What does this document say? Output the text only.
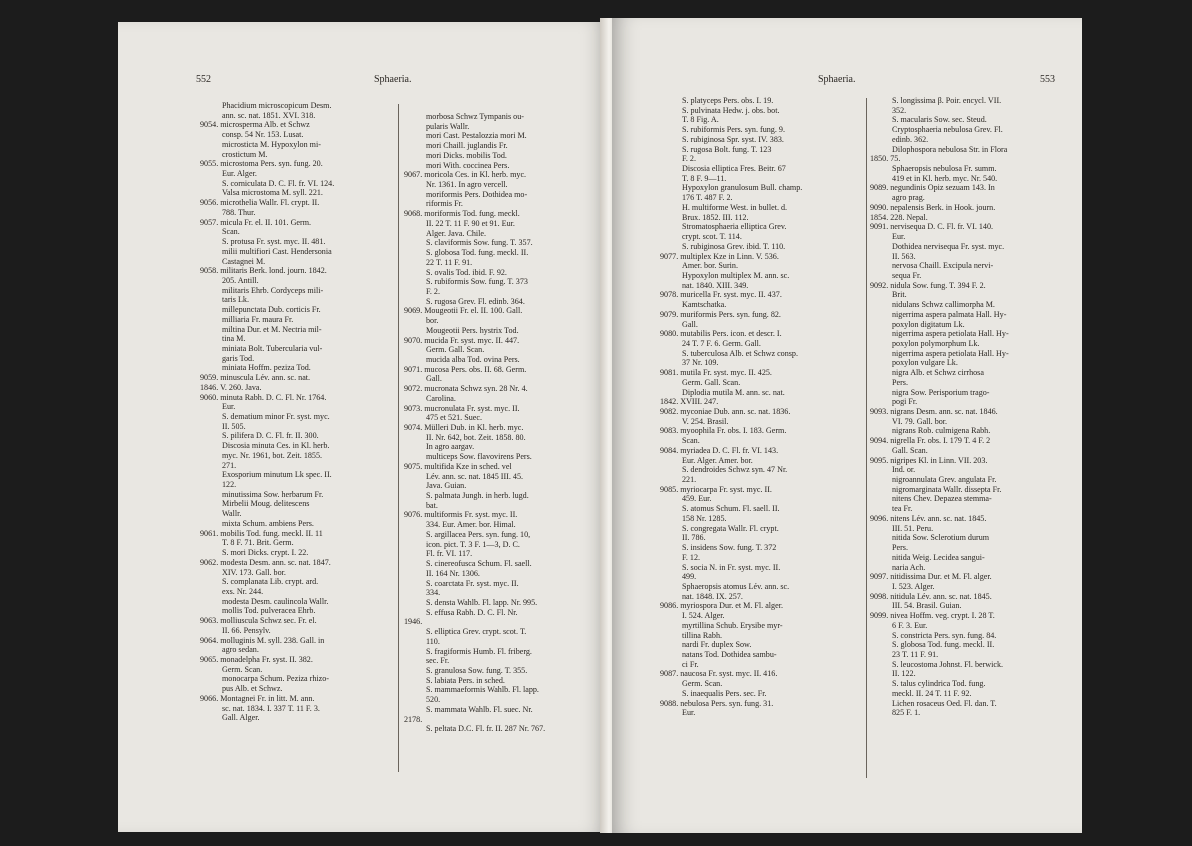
552	Sphaeria.
Phacidium microscopicum Desm.
ann. sc. nat. 1851. XVI. 318.
9054. microsperma Alb. et Schwz
consp. 54 Nr. 153. Lusat.
microsticta M. Hypoxylon mi-
crostictum M.
9055. microstoma Pers. syn. fung. 20.
Eur. Alger.
S. corniculata D. C. Fl. fr. VI. 124.
Valsa microstoma M. syll. 221.
9056. microthelia Wallr. Fl. crypt. II.
788. Thur.
9057. micula Fr. el. II. 101. Germ.
Scan.
S. protusa Fr. syst. myc. II. 481.
milii multifiori Cast. Hendersonia
Castagnei M.
9058. militaris Berk. lond. journ. 1842.
205. Antill.
militaris Ehrb. Cordyceps mili-
taris Lk.
millepunctata Dub. corticis Fr.
milliaria Fr. maura Fr.
miltina Dur. et M. Nectria mil-
tina M.
miniata Bolt. Tubercularia vul-
garis Tod.
miniata Hoffm. peziza Tod.
9059. minuscula Lév. ann. sc. nat.
1846. V. 260. Java.
9060. minuta Rabh. D. C. Fl. Nr. 1764.
Eur.
S. dematium minor Fr. syst. myc.
II. 505.
S. pilifera D. C. Fl. fr. II. 300.
Discosia minuta Ces. in Kl. herb.
myc. Nr. 1961, bot. Zeit. 1855.
271.
Exosporium minutum Lk spec. II.
122.
minutissima Sow. herbarum Fr.
Mirbelii Moug. delitescens
Wallr.
mixta Schum. ambiens Pers.
9061. mobilis Tod. fung. meckl. II. 11
T. 8 F. 71. Brit. Germ.
S. mori Dicks. crypt. I. 22.
9062. modesta Desm. ann. sc. nat. 1847.
XIV. 173. Gall. bor.
S. complanata Lib. crypt. ard.
exs. Nr. 244.
modesta Desm. caulincola Wallr.
mollis Tod. pulveracea Ehrb.
9063. molliuscula Schwz sec. Fr. el.
II. 66. Pensylv.
9064. molluginis M. syll. 238. Gall. in
agro sedan.
9065. monadelpha Fr. syst. II. 382.
Germ. Scan.
monocarpa Schum. Peziza rhizo-
pus Alb. et Schwz.
9066. Montagnei Fr. in litt. M. ann.
sc. nat. 1834. I. 337 T. 11 F. 3.
Gall. Alger.
morbosa Schwz Tympanis ou-
pularis Wallr.
mori Cast. Pestalozzia mori M.
mori Chaill. juglandis Fr.
mori Dicks. mobilis Tod.
mori With. coccinea Pers.
9067. moricola Ces. in Kl. herb. myc.
Nr. 1361. In agro vercell.
moriformis Pers. Dothidea mo-
riformis Fr.
9068. moriformis Tod. fung. meckl.
II. 22 T. 11 F. 90 et 91. Eur.
Alger. Java. Chile.
S. claviformis Sow. fung. T. 357.
S. globosa Tod. fung. meckl. II.
22 T. 11 F. 91.
S. ovalis Tod. ibid. F. 92.
S. rubiformis Sow. fung. T. 373
F. 2.
S. rugosa Grev. Fl. edinb. 364.
9069. Mougeotii Fr. el. II. 100. Gall.
bor.
Mougeotii Pers. hystrix Tod.
9070. mucida Fr. syst. myc. II. 447.
Germ. Gall. Scan.
mucida alba Tod. ovina Pers.
9071. mucosa Pers. obs. II. 68. Germ.
Gall.
9072. mucronata Schwz syn. 28 Nr. 4.
Carolina.
9073. mucronulata Fr. syst. myc. II.
475 et 521. Suec.
9074. Mülleri Dub. in Kl. herb. myc.
II. Nr. 642, bot. Zeit. 1858. 80.
In agro aargav.
multiceps Sow. flavovirens Pers.
9075. multifida Kze in sched. vel
Lév. ann. sc. nat. 1845 III. 45.
Java. Guian.
S. palmata Jungh. in herb. lugd.
bat.
9076. multiformis Fr. syst. myc. II.
334. Eur. Amer. bor. Himal.
S. argillacea Pers. syn. fung. 10,
icon. pict. T. 3 F. 1—3, D. C.
Fl. fr. VI. 117.
S. cinereofusca Schum. Fl. saell.
II. 164 Nr. 1306.
S. coarctata Fr. syst. myc. II.
334.
S. densta Wahlb. Fl. lapp. Nr. 995.
S. effusa Rabh. D. C. Fl. Nr.
1946.
S. elliptica Grev. crypt. scot. T.
110.
S. fragiformis Humb. Fl. friberg.
sec. Fr.
S. granulosa Sow. fung. T. 355.
S. labiata Pers. in sched.
S. mammaeformis Wahlb. Fl. lapp.
520.
S. mammata Wahlb. Fl. suec. Nr.
2178.
S. peltata D.C. Fl. fr. II. 287 Nr. 767.
Sphaeria.	553
S. platyceps Pers. obs. I. 19.
S. pulvinata Hedw. j. obs. bot.
T. 8 Fig. A.
S. rubiformis Pers. syn. fung. 9.
S. rubiginosa Spr. syst. IV. 383.
S. rugosa Bolt. fung. T. 123
F. 2.
Discosia elliptica Fres. Beitr. 67
T. 8 F. 9—11.
Hypoxylon granulosum Bull. champ.
176 T. 487 F. 2.
H. multiforme West. in bullet. d.
Brux. 1852. III. 112.
Stromatosphaeria elliptica Grev.
crypt. scot. T. 114.
S. rubiginosa Grev. ibid. T. 110.
9077. multiplex Kze in Linn. V. 536.
Amer. bor. Surin.
Hypoxylon multiplex M. ann. sc.
nat. 1840. XIII. 349.
9078. muricella Fr. syst. myc. II. 437.
Kamtschatka.
9079. muriformis Pers. syn. fung. 82.
Gall.
9080. mutabilis Pers. icon. et descr. I.
24 T. 7 F. 6. Germ. Gall.
S. tuberculosa Alb. et Schwz consp.
37 Nr. 109.
9081. mutila Fr. syst. myc. II. 425.
Germ. Gall. Scan.
Diplodia mutila M. ann. sc. nat.
1842. XVIII. 247.
9082. myconiae Dub. ann. sc. nat. 1836.
V. 254. Brasil.
9083. myoophila Fr. obs. I. 183. Germ.
Scan.
9084. myriadea D. C. Fl. fr. VI. 143.
Eur. Alger. Amer. bor.
S. dendroides Schwz syn. 47 Nr.
221.
9085. myriocarpa Fr. syst. myc. II.
459. Eur.
S. atomus Schum. Fl. saell. II.
158 Nr. 1285.
S. congregata Wallr. Fl. crypt.
II. 786.
S. insidens Sow. fung. T. 372
F. 12.
S. socia N. in Fr. syst. myc. II.
499.
Sphaeropsis atomus Lév. ann. sc.
nat. 1848. IX. 257.
9086. myriospora Dur. et M. Fl. alger.
I. 524. Alger.
myrtillina Schub. Erysibe myr-
tillina Rabh.
nardi Fr. duplex Sow.
natans Tod. Dothidea sambu-
ci Fr.
9087. naucosa Fr. syst. myc. II. 416.
Germ. Scan.
S. inaequalis Pers. sec. Fr.
9088. nebulosa Pers. syn. fung. 31.
Eur.
S. longissima β. Poir. encycl. VII.
352.
S. macularis Sow. sec. Steud.
Cryptosphaeria nebulosa Grev. Fl.
edinb. 362.
Dilophospora nebulosa Str. in Flora
1850. 75.
Sphaeropsis nebulosa Fr. summ.
419 et in Kl. herb. myc. Nr. 540.
9089. negundinis Opiz sezuam 143. In
agro prag.
9090. nepalensis Berk. in Hook. journ.
1854. 228. Nepal.
9091. nervisequa D. C. Fl. fr. VI. 140.
Eur.
Dothidea nervisequa Fr. syst. myc.
II. 563.
nervosa Chaill. Excipula nervi-
sequa Fr.
9092. nidula Sow. fung. T. 394 F. 2.
Brit.
nidulans Schwz callimorpha M.
nigerrima aspera palmata Hall. Hy-
poxylon digitatum Lk.
nigerrima aspera petiolata Hall. Hy-
poxylon polymorphum Lk.
nigerrima aspera petiolata Hall. Hy-
poxylon vulgare Lk.
nigra Alb. et Schwz cirrhosa
Pers.
nigra Sow. Perisporium trago-
pogi Fr.
9093. nigrans Desm. ann. sc. nat. 1846.
VI. 79. Gall. bor.
nigrans Rob. culmigena Rabh.
9094. nigrella Fr. obs. I. 179 T. 4 F. 2
Gall. Scan.
9095. nigripes Kl. in Linn. VII. 203.
Ind. or.
nigroannulata Grev. angulata Fr.
nigromarginata Wallr. dissepta Fr.
nitens Chev. Depazea stemma-
tea Fr.
9096. nitens Lév. ann. sc. nat. 1845.
III. 51. Peru.
nitida Sow. Sclerotium durum
Pers.
nitida Weig. Lecidea sangui-
naria Ach.
9097. nitidissima Dur. et M. Fl. alger.
I. 523. Alger.
9098. nitidula Lév. ann. sc. nat. 1845.
III. 54. Brasil. Guian.
9099. nivea Hoffm. veg. crypt. I. 28 T.
6 F. 3. Eur.
S. constricta Pers. syn. fung. 84.
S. globosa Tod. fung. meckl. II.
23 T. 11 F. 91.
S. leucostoma Johnst. Fl. berwick.
II. 122.
S. talus cylindrica Tod. fung.
meckl. II. 24 T. 11 F. 92.
Lichen rosaceus Oed. Fl. dan. T.
825 F. 1.
